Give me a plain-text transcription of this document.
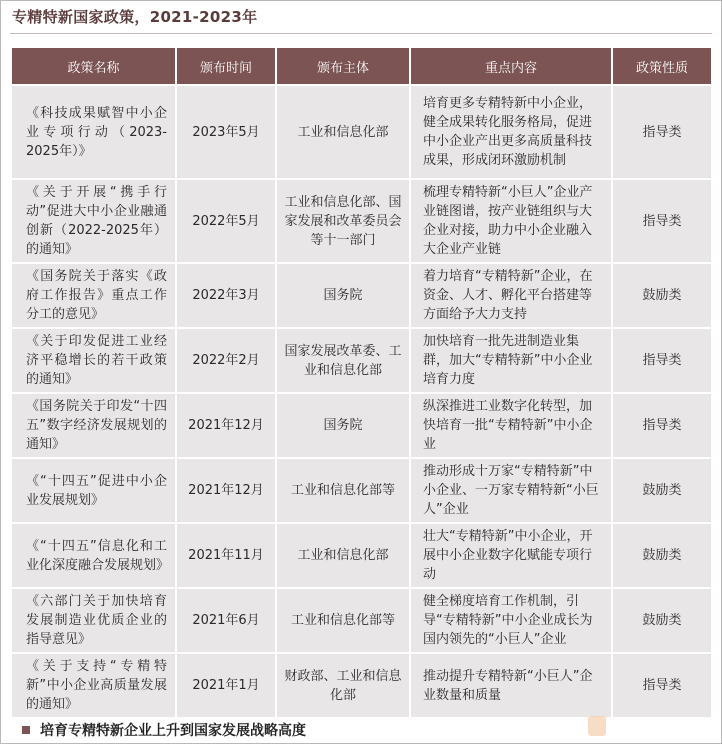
专精特新国家政策，2021-2023年
政策名称	颁布时间	颁布主体	重点内容	政策性质
《科技成果赋智中小企业专项行动（2023-2025年）》	2023年5月	工业和信息化部	培育更多专精特新中小企业，健全成果转化服务格局，促进中小企业产出更多高质量科技成果，形成闭环激励机制	指导类
《关于开展“携手行动”促进大中小企业融通创新（2022-2025年）的通知》	2022年5月	工业和信息化部、国家发展和改革委员会等十一部门	梳理专精特新“小巨人”企业产业链图谱，按产业链组织与大企业对接，助力中小企业融入大企业产业链	指导类
《国务院关于落实《政府工作报告》重点工作分工的意见》	2022年3月	国务院	着力培育“专精特新”企业，在资金、人才、孵化平台搭建等方面给予大力支持	鼓励类
《关于印发促进工业经济平稳增长的若干政策的通知》	2022年2月	国家发展改革委、工业和信息化部	加快培育一批先进制造业集群，加大“专精特新”中小企业培育力度	指导类
《国务院关于印发“十四五”数字经济发展规划的通知》	2021年12月	国务院	纵深推进工业数字化转型，加快培育一批“专精特新”中小企业	指导类
《“十四五”促进中小企业发展规划》	2021年12月	工业和信息化部等	推动形成十万家“专精特新”中小企业、一万家专精特新“小巨人”企业	鼓励类
《“十四五”信息化和工业化深度融合发展规划》	2021年11月	工业和信息化部	壮大“专精特新”中小企业，开展中小企业数字化赋能专项行动	鼓励类
《六部门关于加快培育发展制造业优质企业的指导意见》	2021年6月	工业和信息化部等	健全梯度培育工作机制，引导“专精特新”中小企业成长为国内领先的“小巨人”企业	鼓励类
《关于支持“专精特新”中小企业高质量发展的通知》	2021年1月	财政部、工业和信息化部	推动提升专精特新“小巨人”企业数量和质量	指导类
培育专精特新企业上升到国家发展战略高度
